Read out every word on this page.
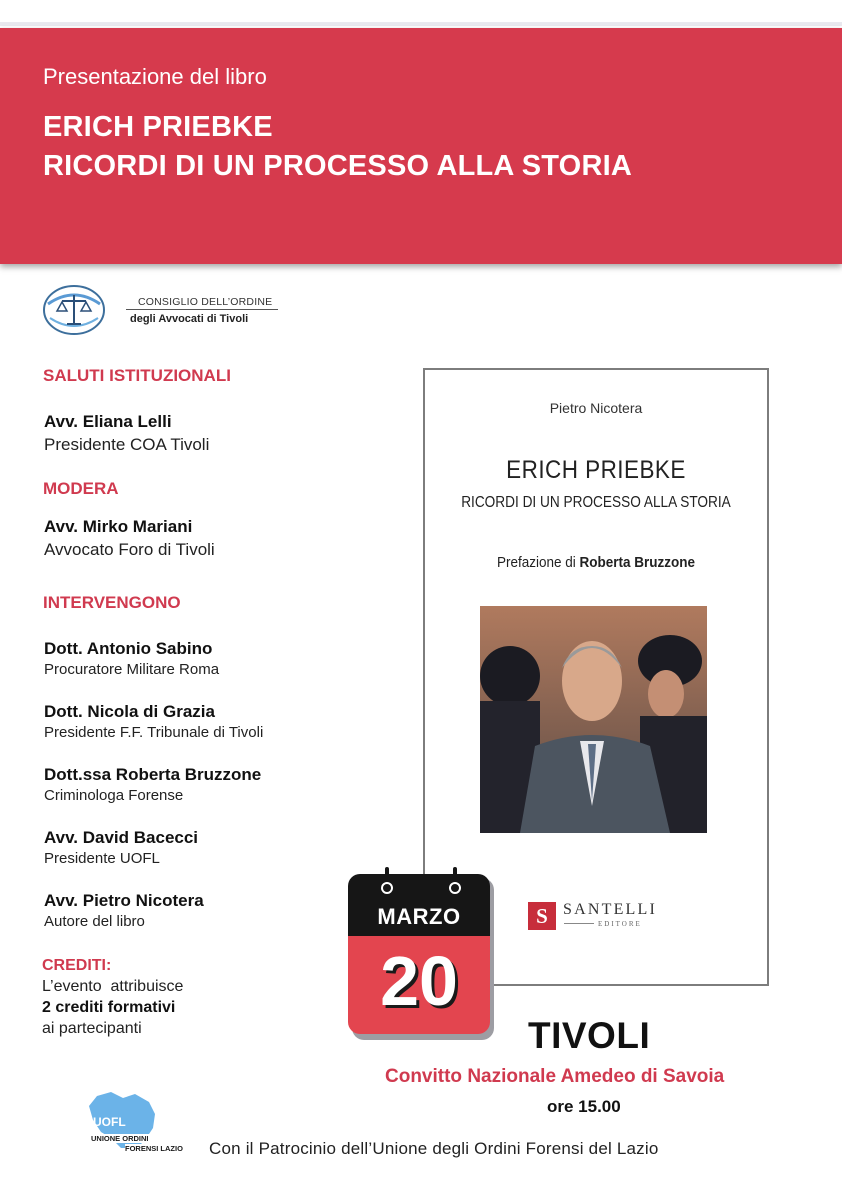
Presentazione del libro
ERICH PRIEBKE
RICORDI DI UN PROCESSO ALLA STORIA
CONSIGLIO DELL’ORDINE
degli Avvocati di Tivoli
SALUTI ISTITUZIONALI
Avv. Eliana Lelli
Presidente COA Tivoli
MODERA
Avv. Mirko Mariani
Avvocato Foro di Tivoli
INTERVENGONO
Dott. Antonio Sabino
Procuratore Militare Roma
Dott. Nicola di Grazia
Presidente F.F. Tribunale di Tivoli
Dott.ssa Roberta Bruzzone
Criminologa Forense
Avv. David Bacecci
Presidente UOFL
Avv. Pietro Nicotera
Autore del libro
CREDITI:
L’evento  attribuisce
2 crediti formativi
ai partecipanti
Pietro Nicotera
ERICH PRIEBKE
RICORDI DI UN PROCESSO ALLA STORIA
Prefazione di Roberta Bruzzone
S SANTELLI
EDITORE
MARZO
20
TIVOLI
Convitto Nazionale Amedeo di Savoia
ore 15.00
UOFL
UNIONE ORDINI
FORENSI LAZIO Con il Patrocinio dell’Unione degli Ordini Forensi del Lazio
